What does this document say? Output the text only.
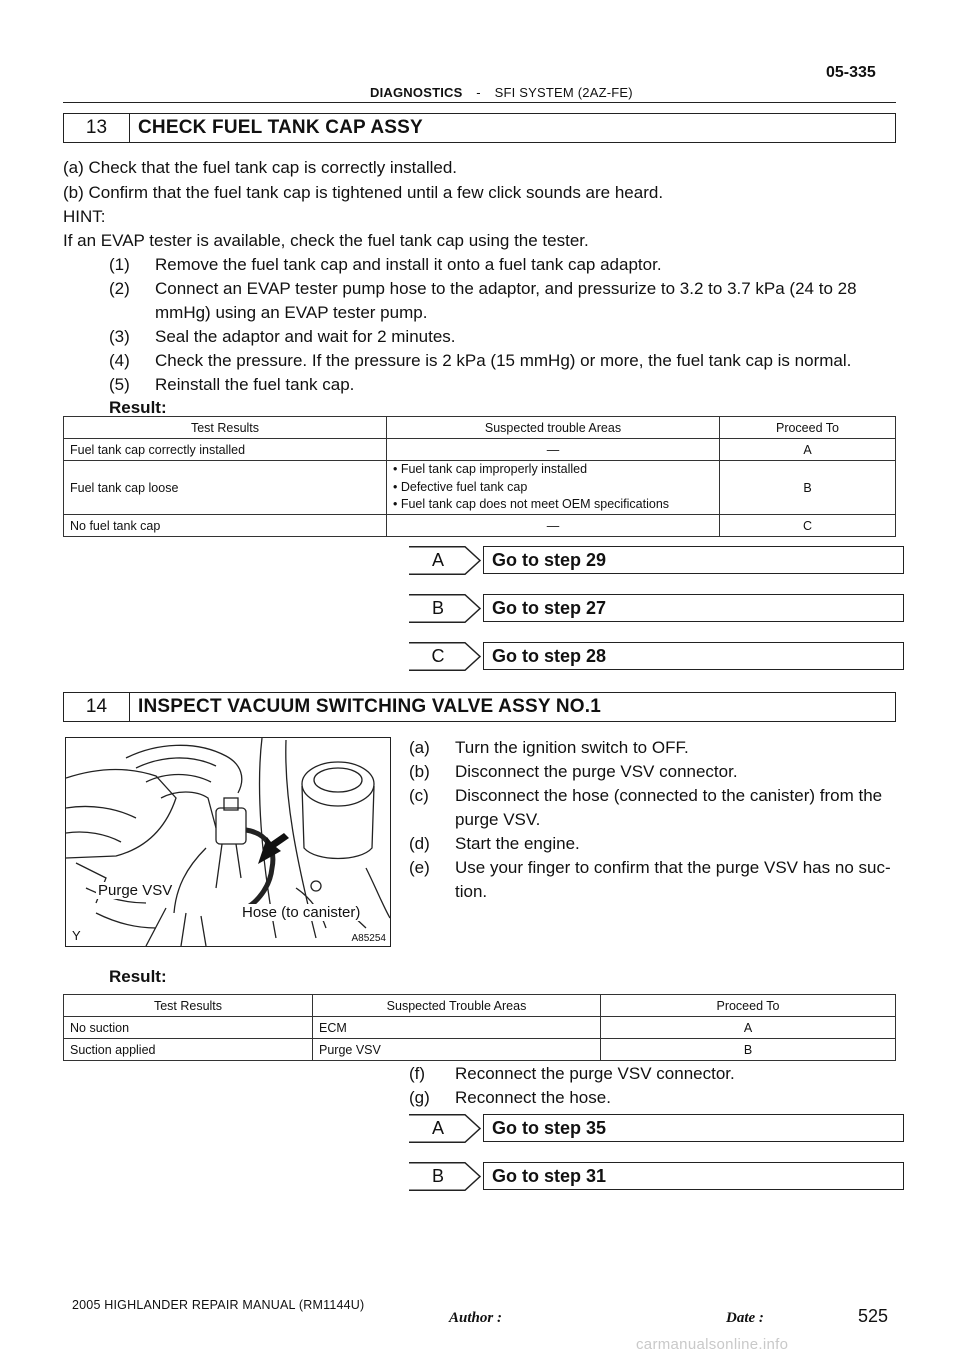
05-335
DIAGNOSTICS - SFI SYSTEM (2AZ-FE)
13	CHECK FUEL TANK CAP ASSY
(a) Check that the fuel tank cap is correctly installed.
(b) Confirm that the fuel tank cap is tightened until a few click sounds are heard.
HINT:
If an EVAP tester is available, check the fuel tank cap using the tester.
(1) Remove the fuel tank cap and install it onto a fuel tank cap adaptor.
(2) Connect an EVAP tester pump hose to the adaptor, and pressurize to 3.2 to 3.7 kPa (24 to 28
mmHg) using an EVAP tester pump.
(3) Seal the adaptor and wait for 2 minutes.
(4) Check the pressure. If the pressure is 2 kPa (15 mmHg) or more, the fuel tank cap is normal.
(5) Reinstall the fuel tank cap.
Result:
Test Results	Suspected trouble Areas	Proceed To
Fuel tank cap correctly installed	—	A
Fuel tank cap loose	• Fuel tank cap improperly installed
• Defective fuel tank cap
• Fuel tank cap does not meet OEM specifications	B
No fuel tank cap	—	C
A	Go to step 29
B	Go to step 27
C	Go to step 28
14	INSPECT VACUUM SWITCHING VALVE ASSY NO.1
Purge VSV
Hose (to canister)
Y	A85254
(a) Turn the ignition switch to OFF.
(b) Disconnect the purge VSV connector.
(c) Disconnect the hose (connected to the canister) from the
purge VSV.
(d) Start the engine.
(e) Use your finger to confirm that the purge VSV has no suc-
tion.
Result:
Test Results	Suspected Trouble Areas	Proceed To
No suction	ECM	A
Suction applied	Purge VSV	B
(f) Reconnect the purge VSV connector.
(g) Reconnect the hose.
A	Go to step 35
B	Go to step 31
2005 HIGHLANDER REPAIR MANUAL (RM1144U)
Author :	Date :	525
carmanualsonline.info
